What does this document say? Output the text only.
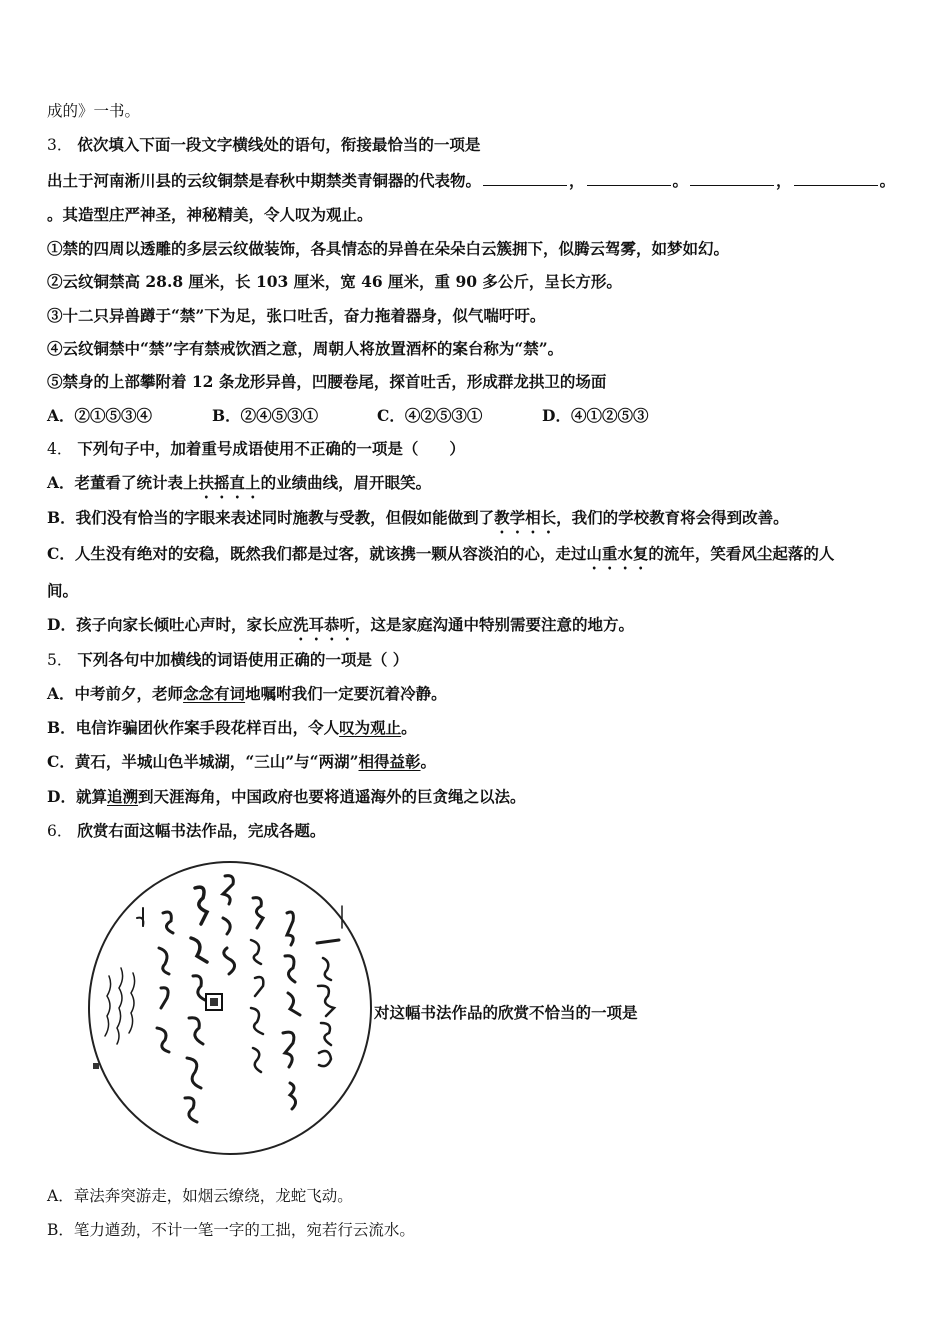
成的》一书。
3． 依次填入下面一段文字横线处的语句，衔接最恰当的一项是
出土于河南淅川县的云纹铜禁是春秋中期禁类青铜器的代表物。	，	。	，	。
。其造型庄严神圣，神秘精美，令人叹为观止。
①禁的四周以透雕的多层云纹做装饰，各具情态的异兽在朵朵白云簇拥下，似腾云驾雾，如梦如幻。
②云纹铜禁高 28.8 厘米，长 103 厘米，宽 46 厘米，重 90 多公斤，呈长方形。
③十二只异兽蹲于“禁”下为足，张口吐舌，奋力拖着器身，似气喘吁吁。
④云纹铜禁中“禁”字有禁戒饮酒之意，周朝人将放置酒杯的案台称为“禁”。
⑤禁身的上部攀附着 12 条龙形异兽，凹腰卷尾，探首吐舌，形成群龙拱卫的场面
A．②①⑤③④	B．②④⑤③①	C．④②⑤③①	D．④①②⑤③
4． 下列句子中，加着重号成语使用不正确的一项是（　　）
A．老董看了统计表上扶摇直上的业绩曲线，眉开眼笑。
B．我们没有恰当的字眼来表述同时施教与受教，但假如能做到了教学相长，我们的学校教育将会得到改善。
C．人生没有绝对的安稳，既然我们都是过客，就该携一颗从容淡泊的心，走过山重水复的流年，笑看风尘起落的人
间。
D．孩子向家长倾吐心声时，家长应洗耳恭听，这是家庭沟通中特别需要注意的地方。
5． 下列各句中加横线的词语使用正确的一项是（ ）
A．中考前夕，老师念念有词地嘱咐我们一定要沉着冷静。
B．电信诈骗团伙作案手段花样百出，令人叹为观止。
C．黄石，半城山色半城湖，“三山”与“两湖”相得益彰。
D．就算追溯到天涯海角，中国政府也要将逍遥海外的巨贪绳之以法。
6． 欣赏右面这幅书法作品，完成各题。
对这幅书法作品的欣赏不恰当的一项是
A．章法奔突游走，如烟云缭绕，龙蛇飞动。
B．笔力遒劲，不计一笔一字的工拙，宛若行云流水。
